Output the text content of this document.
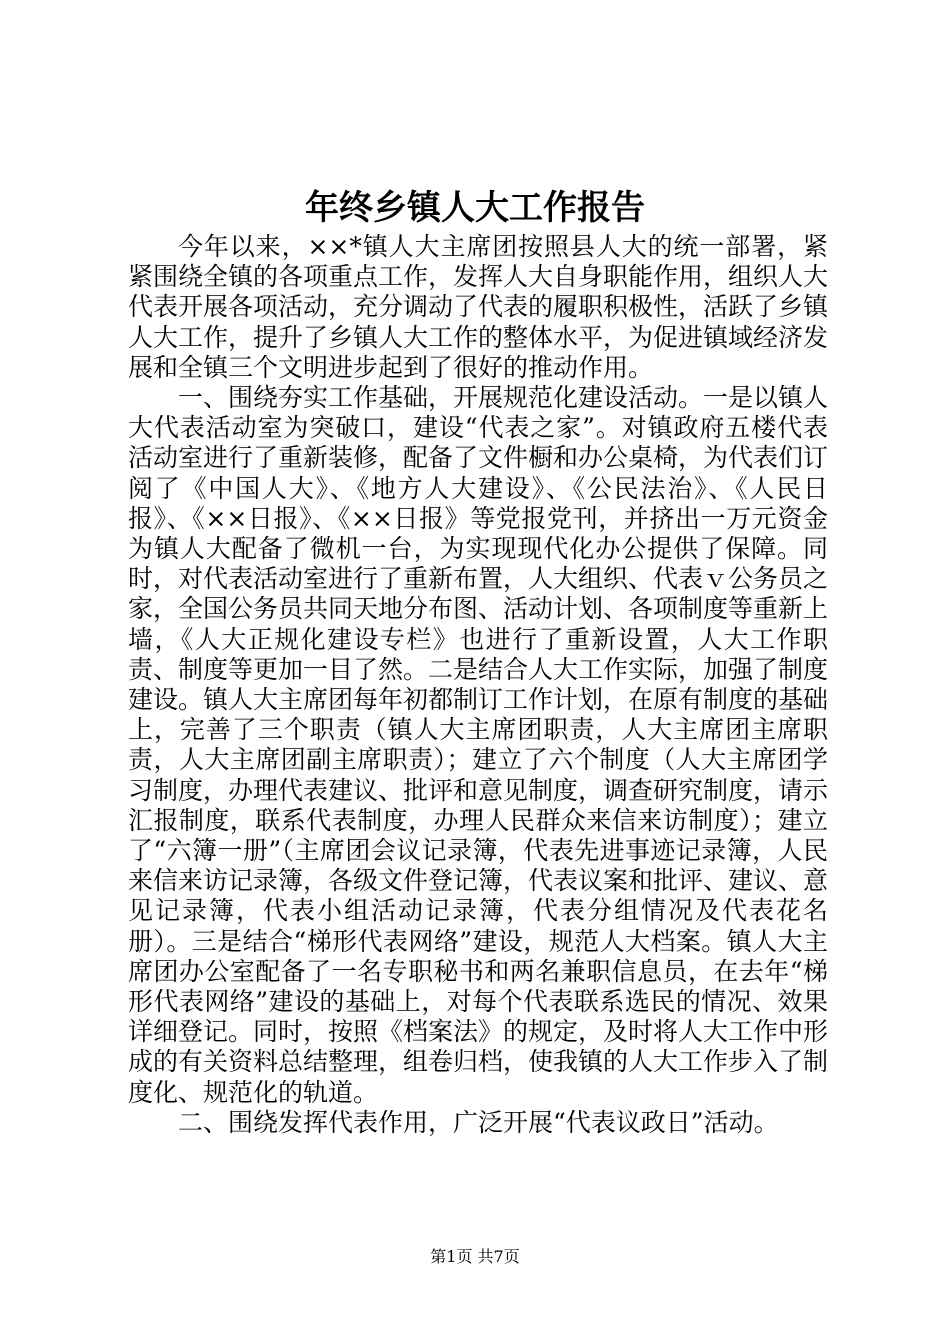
年终乡镇人大工作报告

今年以来，××*镇人大主席团按照县人大的统一部署，紧紧围绕全镇的各项重点工作，发挥人大自身职能作用，组织人大代表开展各项活动，充分调动了代表的履职积极性，活跃了乡镇人大工作，提升了乡镇人大工作的整体水平，为促进镇域经济发展和全镇三个文明进步起到了很好的推动作用。

一、围绕夯实工作基础，开展规范化建设活动。一是以镇人大代表活动室为突破口，建设“代表之家”。对镇政府五楼代表活动室进行了重新装修，配备了文件橱和办公桌椅，为代表们订阅了《中国人大》、《地方人大建设》、《公民法治》、《人民日报》、《××日报》、《××日报》等党报党刊，并挤出一万元资金为镇人大配备了微机一台，为实现现代化办公提供了保障。同时，对代表活动室进行了重新布置，人大组织、代表ｖ公务员之家，全国公务员共同天地分布图、活动计划、各项制度等重新上墙，《人大正规化建设专栏》也进行了重新设置，人大工作职责、制度等更加一目了然。二是结合人大工作实际，加强了制度建设。镇人大主席团每年初都制订工作计划，在原有制度的基础上，完善了三个职责（镇人大主席团职责，人大主席团主席职责，人大主席团副主席职责）；建立了六个制度（人大主席团学习制度，办理代表建议、批评和意见制度，调查研究制度，请示汇报制度，联系代表制度，办理人民群众来信来访制度）；建立了“六簿一册”（主席团会议记录簿，代表先进事迹记录簿，人民来信来访记录簿，各级文件登记簿，代表议案和批评、建议、意见记录簿，代表小组活动记录簿，代表分组情况及代表花名册）。三是结合“梯形代表网络”建设，规范人大档案。镇人大主席团办公室配备了一名专职秘书和两名兼职信息员，在去年“梯形代表网络”建设的基础上，对每个代表联系选民的情况、效果详细登记。同时，按照《档案法》的规定，及时将人大工作中形成的有关资料总结整理，组卷归档，使我镇的人大工作步入了制度化、规范化的轨道。

二、围绕发挥代表作用，广泛开展“代表议政日”活动。

第1页 共7页
